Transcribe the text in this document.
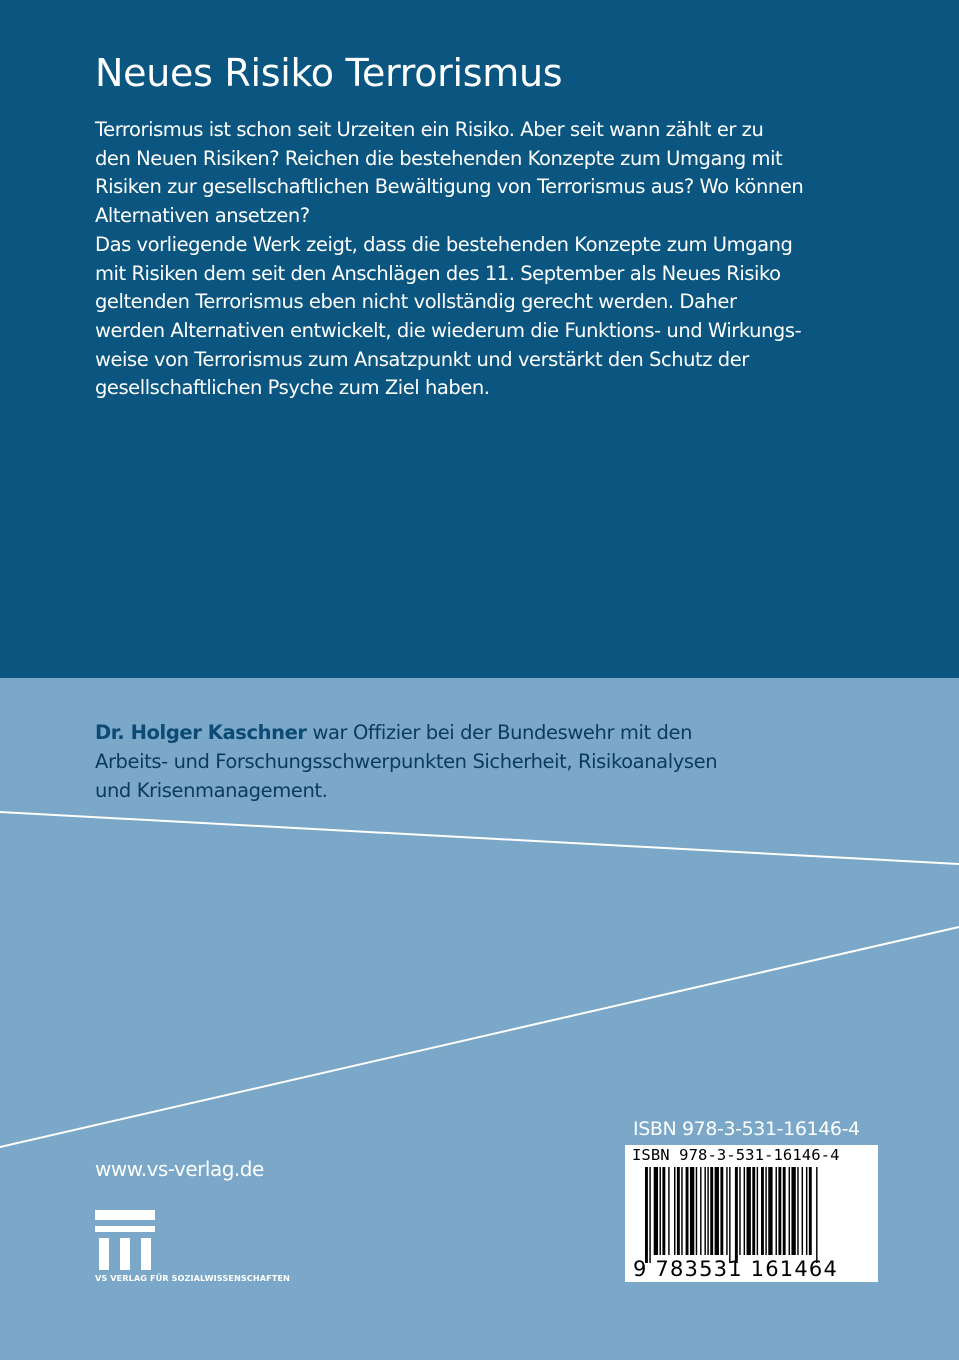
Neues Risiko Terrorismus
Terrorismus ist schon seit Urzeiten ein Risiko. Aber seit wann zählt er zu
den Neuen Risiken? Reichen die bestehenden Konzepte zum Umgang mit
Risiken zur gesellschaftlichen Bewältigung von Terrorismus aus? Wo können
Alternativen ansetzen?
Das vorliegende Werk zeigt, dass die bestehenden Konzepte zum Umgang
mit Risiken dem seit den Anschlägen des 11. September als Neues Risiko
geltenden Terrorismus eben nicht vollständig gerecht werden. Daher
werden Alternativen entwickelt, die wiederum die Funktions- und Wirkungs-
weise von Terrorismus zum Ansatzpunkt und verstärkt den Schutz der
gesellschaftlichen Psyche zum Ziel haben.
Dr. Holger Kaschner war Offizier bei der Bundeswehr mit den
Arbeits- und Forschungsschwerpunkten Sicherheit, Risikoanalysen
und Krisenmanagement.
www.vs-verlag.de
VS VERLAG FÜR SOZIALWISSENSCHAFTEN
ISBN 978-3-531-16146-4
ISBN 978-3-531-16146-4
9 783531 161464
